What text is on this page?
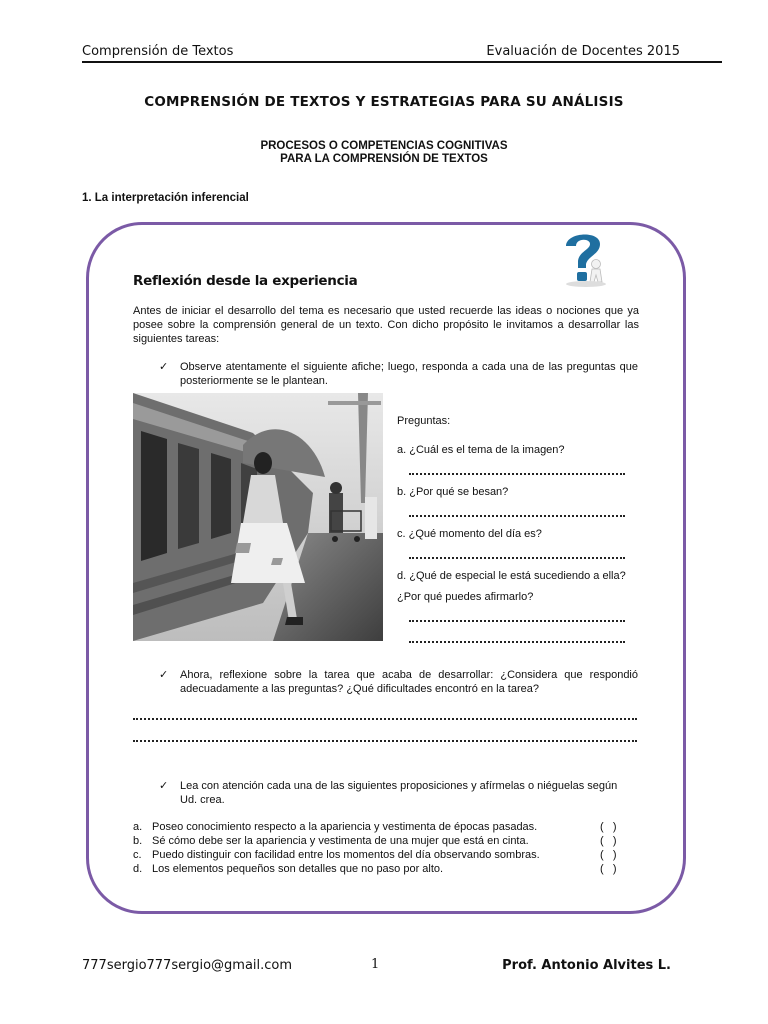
Comprensión de Textos	Evaluación de Docentes 2015
COMPRENSIÓN DE TEXTOS Y ESTRATEGIAS PARA SU ANÁLISIS
PROCESOS O COMPETENCIAS COGNITIVAS
PARA LA COMPRENSIÓN DE TEXTOS
1. La interpretación inferencial
Reflexión desde la experiencia
Antes de iniciar el desarrollo del tema es necesario que usted recuerde las ideas o nociones que ya posee sobre la comprensión general de un texto. Con dicho propósito le invitamos a desarrollar las siguientes tareas:
✓ Observe atentamente el siguiente afiche; luego, responda a cada una de las preguntas que posteriormente se le plantean.
Preguntas:
a. ¿Cuál es el tema de la imagen?
b. ¿Por qué se besan?
c. ¿Qué momento del día es?
d. ¿Qué de especial le está sucediendo a ella?
¿Por qué puedes afirmarlo?
✓ Ahora, reflexione sobre la tarea que acaba de desarrollar: ¿Considera que respondió adecuadamente a las preguntas? ¿Qué dificultades encontró en la tarea?
✓ Lea con atención cada una de las siguientes proposiciones y afírmelas o niéguelas según Ud. crea.
a. Poseo conocimiento respecto a la apariencia y vestimenta de épocas pasadas.	(   )
b. Sé cómo debe ser la apariencia y vestimenta de una mujer que está en cinta.	(   )
c. Puedo distinguir con facilidad entre los momentos del día observando sombras.	(   )
d. Los elementos pequeños son detalles que no paso por alto.	(   )
777sergio777sergio@gmail.com	1	Prof. Antonio Alvites L.
